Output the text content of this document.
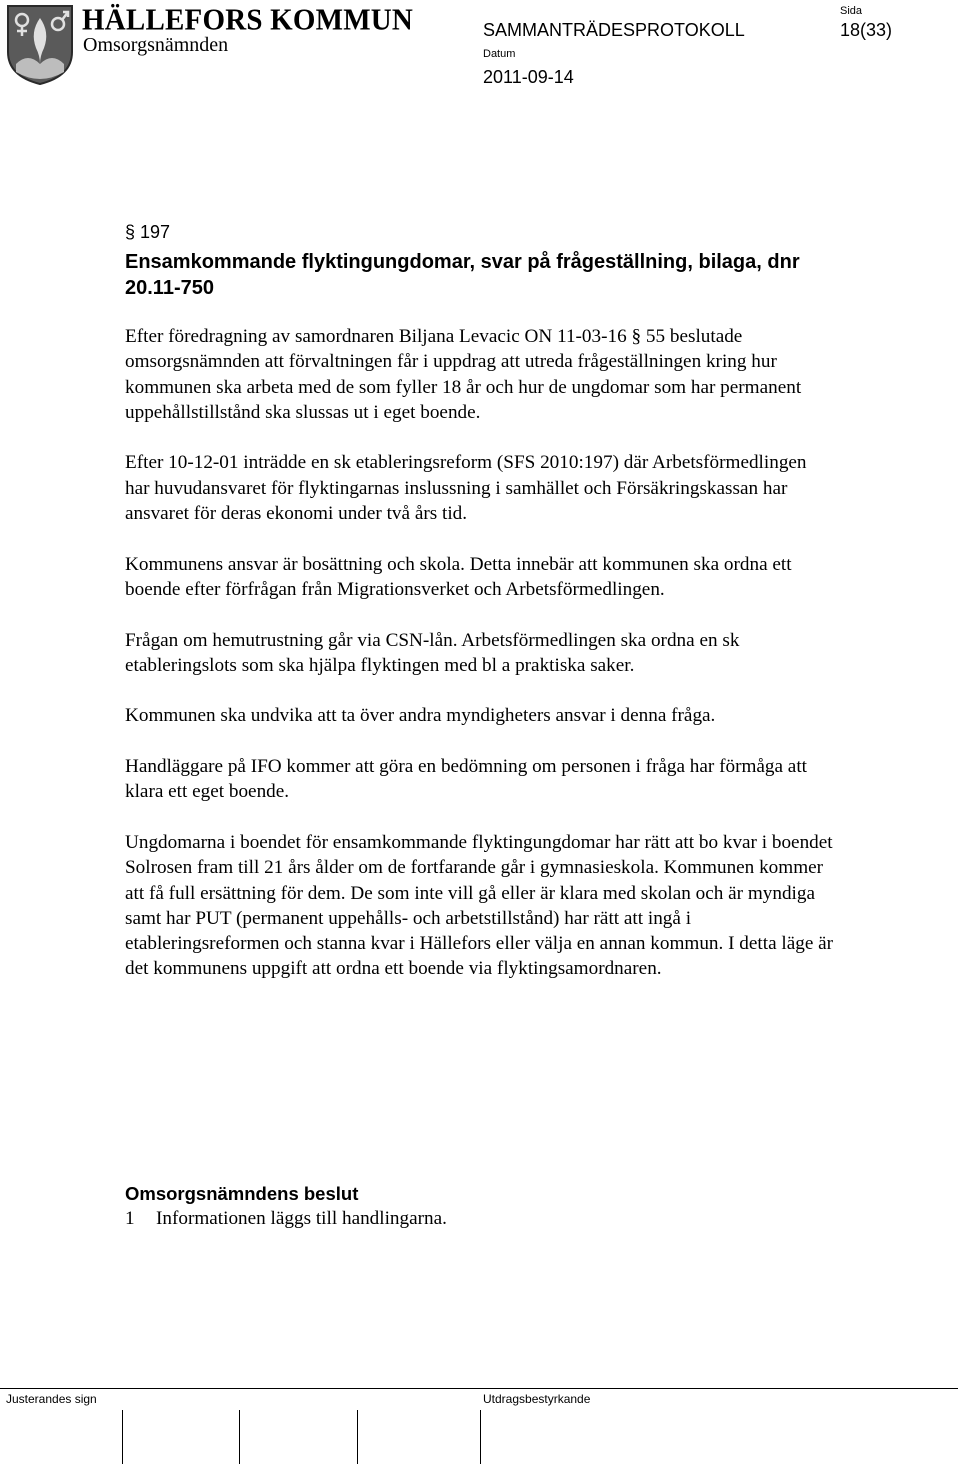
HÄLLEFORS KOMMUN
Omsorgsnämnden
SAMMANTRÄDESPROTOKOLL
Datum
2011-09-14
Sida
18(33)
§ 197
Ensamkommande flyktingungdomar, svar på frågeställning, bilaga, dnr 20.11-750

Efter föredragning av samordnaren Biljana Levacic ON 11-03-16 § 55 beslutade omsorgsnämnden att förvaltningen får i uppdrag att utreda frågeställningen kring hur kommunen ska arbeta med de som fyller 18 år och hur de ungdomar som har permanent uppehållstillstånd ska slussas ut i eget boende.

Efter 10-12-01 inträdde en sk etableringsreform (SFS 2010:197) där Arbetsförmedlingen har huvudansvaret för flyktingarnas inslussning i samhället och Försäkringskassan har ansvaret för deras ekonomi under två års tid.

Kommunens ansvar är bosättning och skola. Detta innebär att kommunen ska ordna ett boende efter förfrågan från Migrationsverket och Arbetsförmedlingen.

Frågan om hemutrustning går via CSN-lån. Arbetsförmedlingen ska ordna en sk etableringslots som ska hjälpa flyktingen med bl a praktiska saker.

Kommunen ska undvika att ta över andra myndigheters ansvar i denna fråga.

Handläggare på IFO kommer att göra en bedömning om personen i fråga har förmåga att klara ett eget boende.

Ungdomarna i boendet för ensamkommande flyktingungdomar har rätt att bo kvar i boendet Solrosen fram till 21 års ålder om de fortfarande går i gymnasieskola. Kommunen kommer att få full ersättning för dem. De som inte vill gå eller är klara med skolan och är myndiga samt har PUT (permanent uppehålls- och arbetstillstånd) har rätt att ingå i etableringsreformen och stanna kvar i Hällefors eller välja en annan kommun. I detta läge är det kommunens uppgift att ordna ett boende via flyktingsamordnaren.

Omsorgsnämndens beslut
1 Informationen läggs till handlingarna.
Justerandes sign	Utdragsbestyrkande
